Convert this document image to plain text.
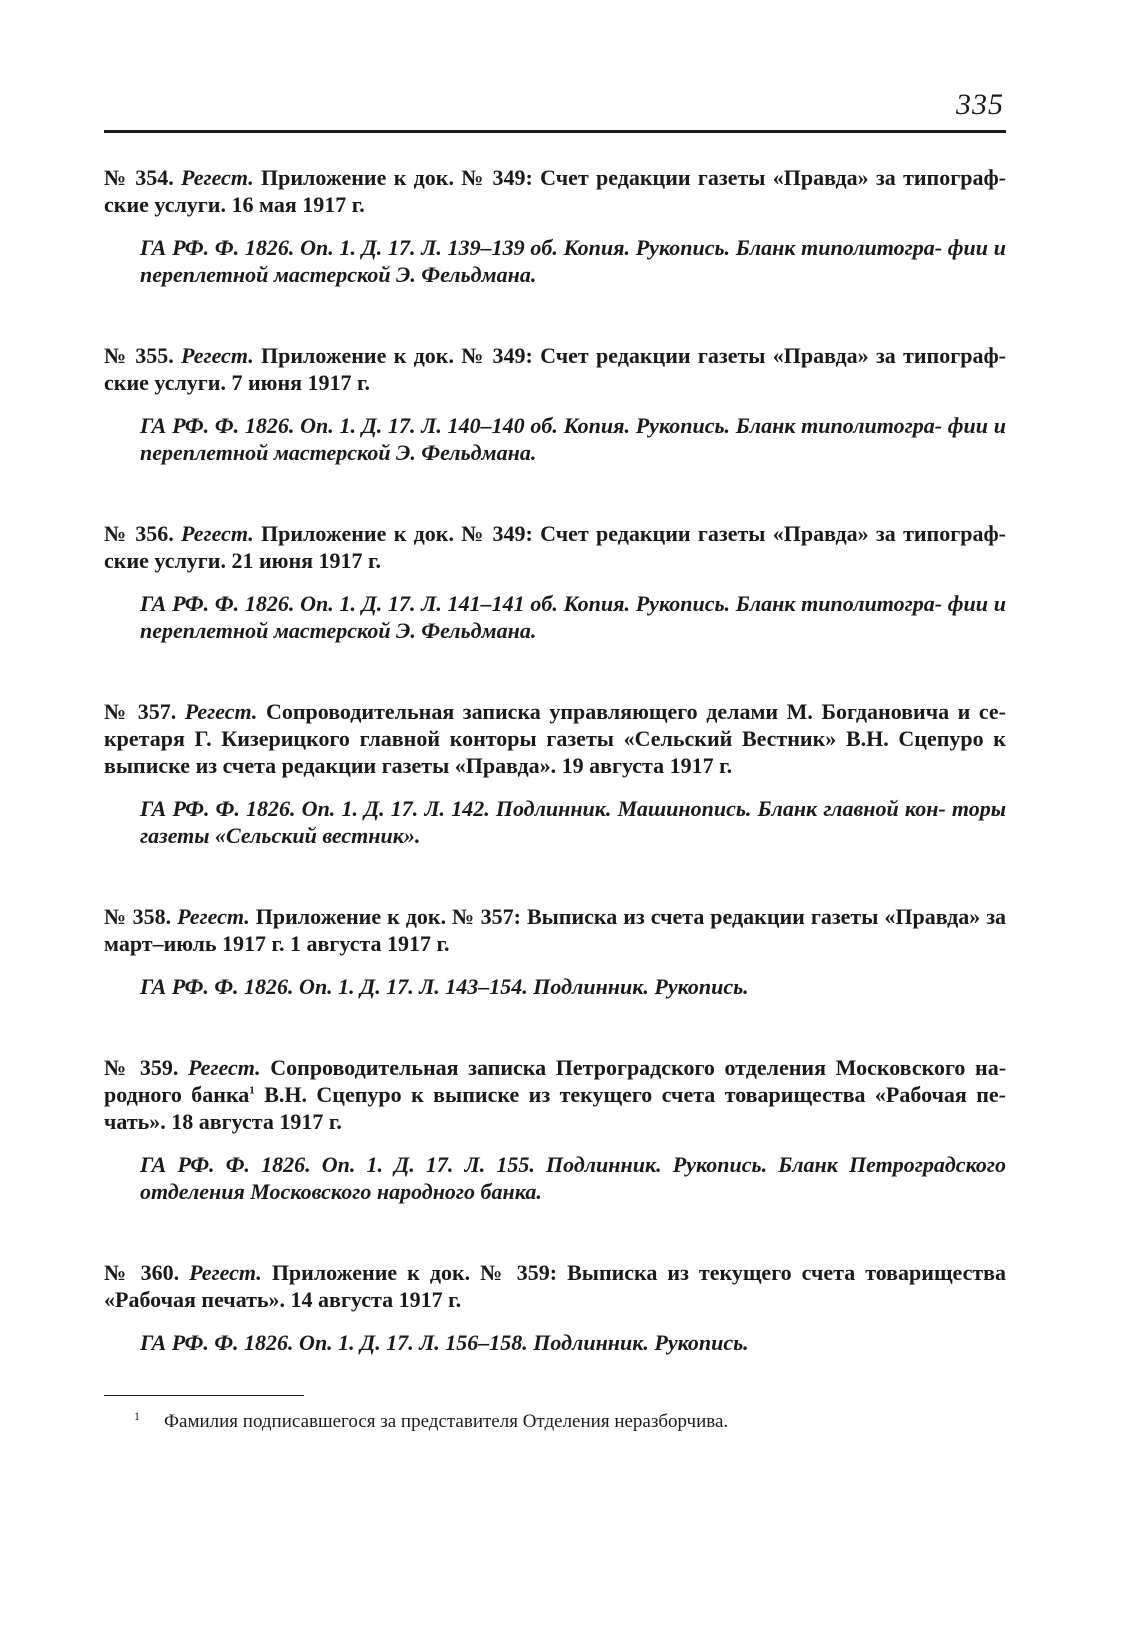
335

№ 354. Регест. Приложение к док. № 349: Счет редакции газеты «Правда» за типограф- ские услуги. 16 мая 1917 г.

ГА РФ. Ф. 1826. Оп. 1. Д. 17. Л. 139–139 об. Копия. Рукопись. Бланк типолитогра- фии и переплетной мастерской Э. Фельдмана.

№ 355. Регест. Приложение к док. № 349: Счет редакции газеты «Правда» за типограф- ские услуги. 7 июня 1917 г.

ГА РФ. Ф. 1826. Оп. 1. Д. 17. Л. 140–140 об. Копия. Рукопись. Бланк типолитогра- фии и переплетной мастерской Э. Фельдмана.

№ 356. Регест. Приложение к док. № 349: Счет редакции газеты «Правда» за типограф- ские услуги. 21 июня 1917 г.

ГА РФ. Ф. 1826. Оп. 1. Д. 17. Л. 141–141 об. Копия. Рукопись. Бланк типолитогра- фии и переплетной мастерской Э. Фельдмана.

№ 357. Регест. Сопроводительная записка управляющего делами М. Богдановича и се- кретаря Г. Кизерицкого главной конторы газеты «Сельский Вестник» В.Н. Сцепуро к выписке из счета редакции газеты «Правда». 19 августа 1917 г.

ГА РФ. Ф. 1826. Оп. 1. Д. 17. Л. 142. Подлинник. Машинопись. Бланк главной кон- торы газеты «Сельский вестник».

№ 358. Регест. Приложение к док. № 357: Выписка из счета редакции газеты «Правда» за март–июль 1917 г. 1 августа 1917 г.

ГА РФ. Ф. 1826. Оп. 1. Д. 17. Л. 143–154. Подлинник. Рукопись.

№ 359. Регест. Сопроводительная записка Петроградского отделения Московского на- родного банка$^1$ В.Н. Сцепуро к выписке из текущего счета товарищества «Рабочая пе- чать». 18 августа 1917 г.

ГА РФ. Ф. 1826. Оп. 1. Д. 17. Л. 155. Подлинник. Рукопись. Бланк Петроградского отделения Московского народного банка.

№ 360. Регест. Приложение к док. № 359: Выписка из текущего счета товарищества «Рабочая печать». 14 августа 1917 г.

ГА РФ. Ф. 1826. Оп. 1. Д. 17. Л. 156–158. Подлинник. Рукопись.

1 Фамилия подписавшегося за представителя Отделения неразборчива.
